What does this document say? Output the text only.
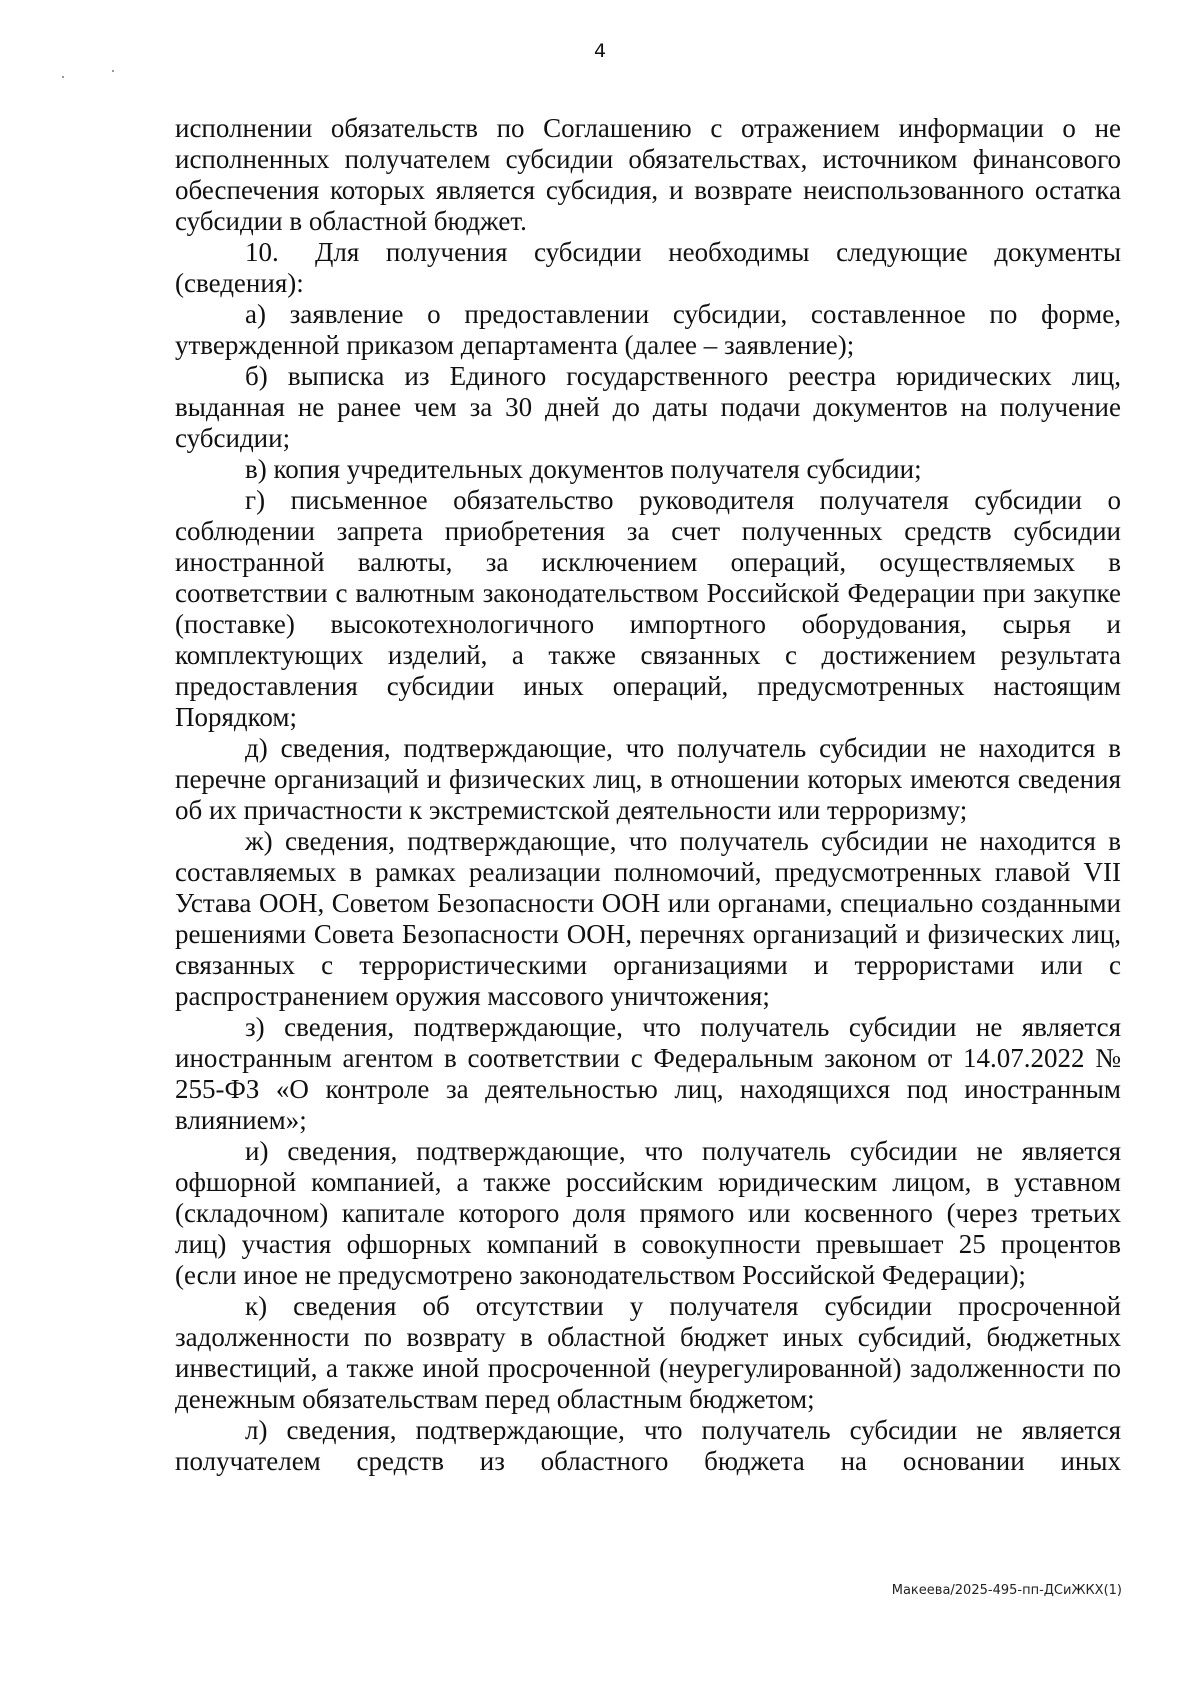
4

исполнении обязательств по Соглашению с отражением информации о не исполненных получателем субсидии обязательствах, источником финансового обеспечения которых является субсидия, и возврате неиспользованного остатка субсидии в областной бюджет.

10. Для получения субсидии необходимы следующие документы (сведения):

а) заявление о предоставлении субсидии, составленное по форме, утвержденной приказом департамента (далее – заявление);

б) выписка из Единого государственного реестра юридических лиц, выданная не ранее чем за 30 дней до даты подачи документов на получение субсидии;

в) копия учредительных документов получателя субсидии;

г) письменное обязательство руководителя получателя субсидии о соблюдении запрета приобретения за счет полученных средств субсидии иностранной валюты, за исключением операций, осуществляемых в соответствии с валютным законодательством Российской Федерации при закупке (поставке) высокотехнологичного импортного оборудования, сырья и комплектующих изделий, а также связанных с достижением результата предоставления субсидии иных операций, предусмотренных настоящим Порядком;

д) сведения, подтверждающие, что получатель субсидии не находится в перечне организаций и физических лиц, в отношении которых имеются сведения об их причастности к экстремистской деятельности или терроризму;

ж) сведения, подтверждающие, что получатель субсидии не находится в составляемых в рамках реализации полномочий, предусмотренных главой VII Устава ООН, Советом Безопасности ООН или органами, специально созданными решениями Совета Безопасности ООН, перечнях организаций и физических лиц, связанных с террористическими организациями и террористами или с распространением оружия массового уничтожения;

з) сведения, подтверждающие, что получатель субсидии не является иностранным агентом в соответствии с Федеральным законом от 14.07.2022 № 255-ФЗ «О контроле за деятельностью лиц, находящихся под иностранным влиянием»;

и) сведения, подтверждающие, что получатель субсидии не является офшорной компанией, а также российским юридическим лицом, в уставном (складочном) капитале которого доля прямого или косвенного (через третьих лиц) участия офшорных компаний в совокупности превышает 25 процентов (если иное не предусмотрено законодательством Российской Федерации);

к) сведения об отсутствии у получателя субсидии просроченной задолженности по возврату в областной бюджет иных субсидий, бюджетных инвестиций, а также иной просроченной (неурегулированной) задолженности по денежным обязательствам перед областным бюджетом;

л) сведения, подтверждающие, что получатель субсидии не является получателем средств из областного бюджета на основании иных

Макеева/2025-495-пп-ДСиЖКХ(1)
